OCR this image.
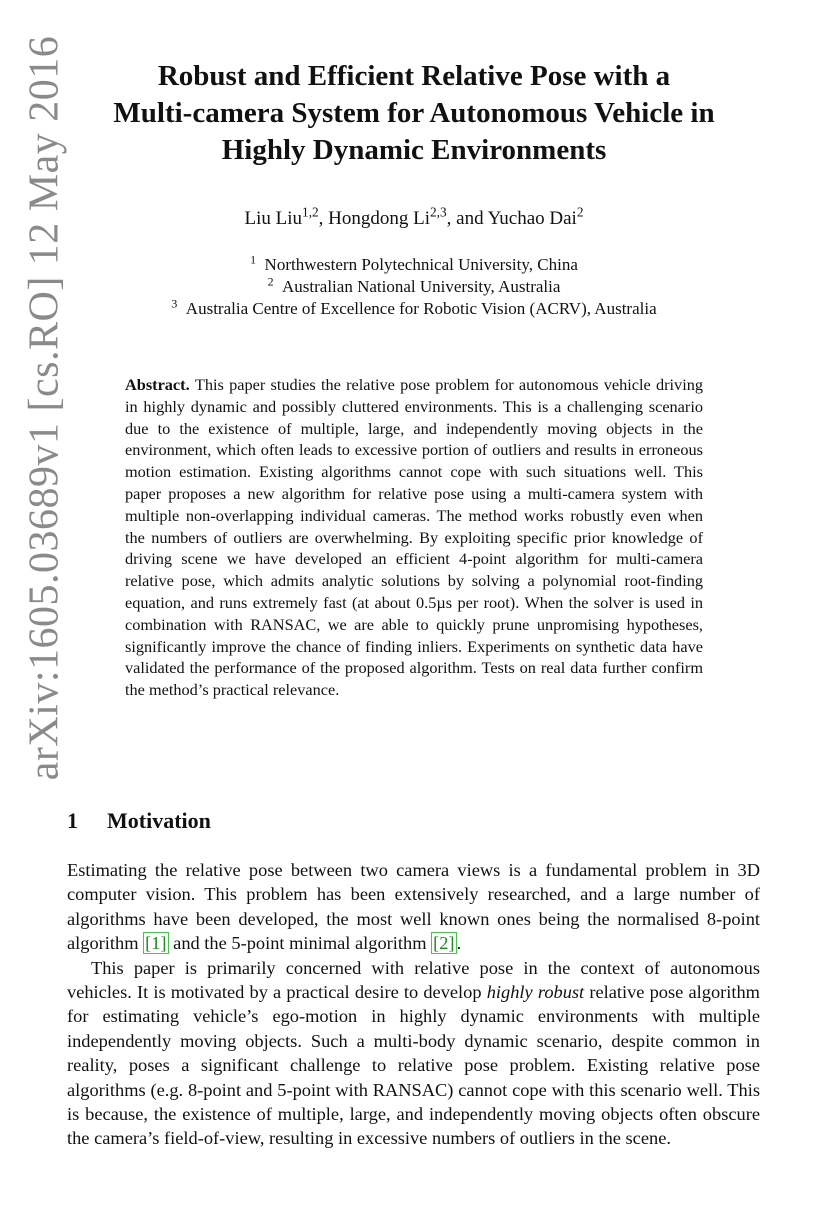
arXiv:1605.03689v1 [cs.RO] 12 May 2016	Robust and Efficient Relative Pose with a
Multi-camera System for Autonomous Vehicle in
Highly Dynamic Environments
Liu Liu$^{1,2}$, Hongdong Li$^{2,3}$, and Yuchao Dai$^2$
$^1$ Northwestern Polytechnical University, China
$^2$ Australian National University, Australia
$^3$ Australia Centre of Excellence for Robotic Vision (ACRV), Australia
Abstract. This paper studies the relative pose problem for autonomous vehicle driving in highly dynamic and possibly cluttered environments. This is a challenging scenario due to the existence of multiple, large, and independently moving objects in the environment, which often leads to excessive portion of outliers and results in erroneous motion estimation. Existing algorithms cannot cope with such situations well. This paper proposes a new algorithm for relative pose using a multi-camera system with multiple non-overlapping individual cameras. The method works robustly even when the numbers of outliers are overwhelming. By exploiting specific prior knowledge of driving scene we have developed an efficient 4-point algorithm for multi-camera relative pose, which admits analytic solutions by solving a polynomial root-finding equation, and runs extremely fast (at about 0.5µs per root). When the solver is used in combination with RANSAC, we are able to quickly prune unpromising hypotheses, significantly improve the chance of finding inliers. Experiments on synthetic data have validated the performance of the proposed algorithm. Tests on real data further confirm the method’s practical relevance.
1 Motivation

Estimating the relative pose between two camera views is a fundamental problem in 3D computer vision. This problem has been extensively researched, and a large number of algorithms have been developed, the most well known ones being the normalised 8-point algorithm [1] and the 5-point minimal algorithm [2] .

This paper is primarily concerned with relative pose in the context of autonomous vehicles. It is motivated by a practical desire to develop highly robust relative pose algorithm for estimating vehicle’s ego-motion in highly dynamic environments with multiple independently moving objects. Such a multi-body dynamic scenario, despite common in reality, poses a significant challenge to relative pose problem. Existing relative pose algorithms (e.g. 8-point and 5-point with RANSAC) cannot cope with this scenario well. This is because, the existence of multiple, large, and independently moving objects often obscure the camera’s field-of-view, resulting in excessive numbers of outliers in the scene.
